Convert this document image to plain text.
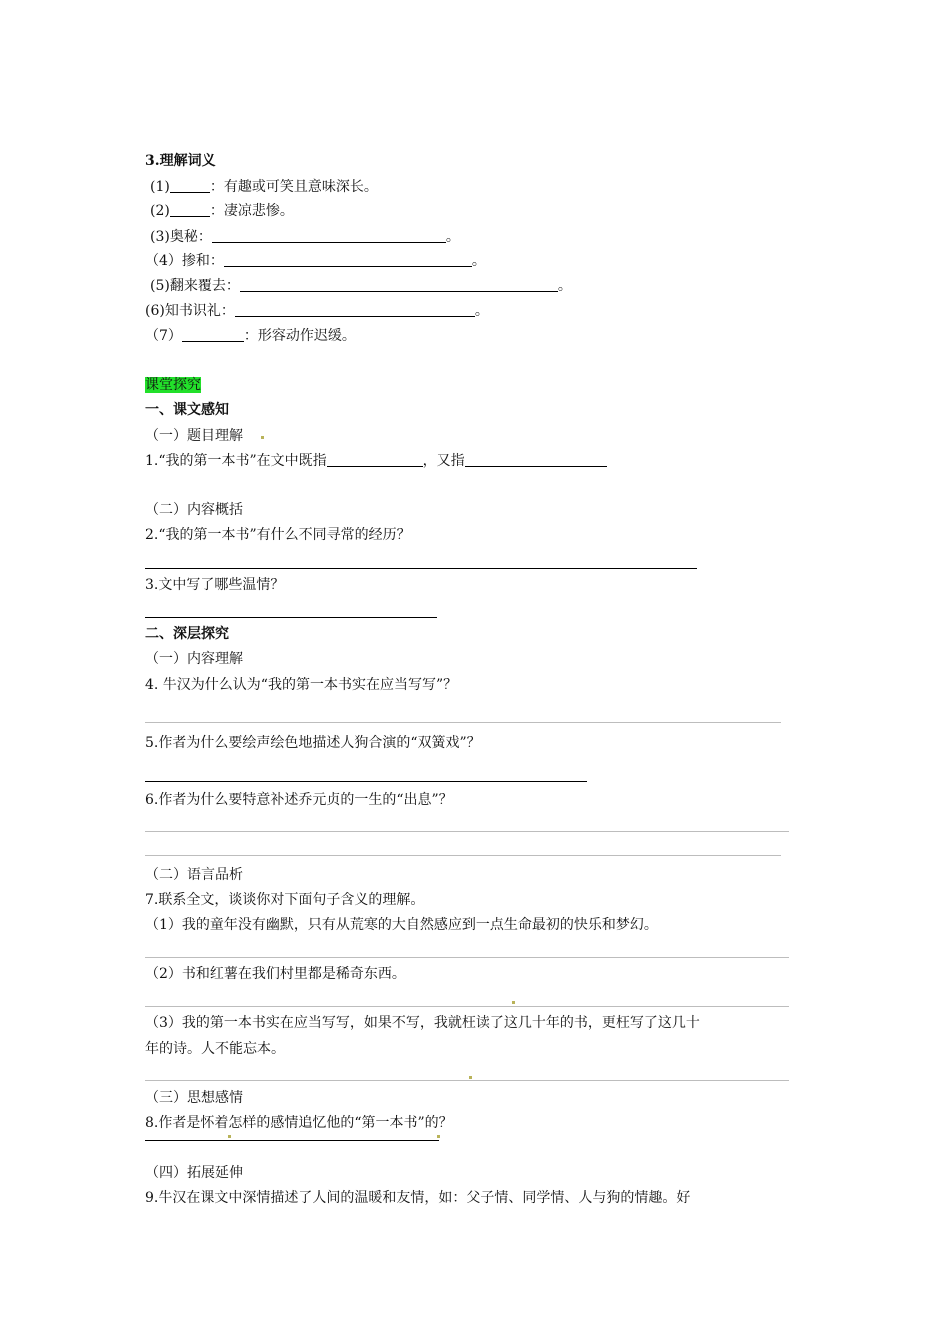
3.理解词义
(1)	：有趣或可笑且意味深长。
(2)	：凄凉悲惨。
(3)奥秘：	。
（4）掺和：	。
(5)翻来覆去：	。
(6)知书识礼：	。
（7）	：形容动作迟缓。
课堂探究
一、课文感知
（一）题目理解
1.“我的第一本书”在文中既指	，又指
（二）内容概括
2.“我的第一本书”有什么不同寻常的经历？
3.文中写了哪些温情？
二、深层探究
（一）内容理解
4. 牛汉为什么认为“我的第一本书实在应当写写”？
5.作者为什么要绘声绘色地描述人狗合演的“双簧戏”？
6.作者为什么要特意补述乔元贞的一生的“出息”？
（二）语言品析
7.联系全文，谈谈你对下面句子含义的理解。
（1）我的童年没有幽默，只有从荒寒的大自然感应到一点生命最初的快乐和梦幻。
（2）书和红薯在我们村里都是稀奇东西。
（3）我的第一本书实在应当写写，如果不写，我就枉读了这几十年的书，更枉写了这几十
年的诗。人不能忘本。
（三）思想感情
8.作者是怀着怎样的感情追忆他的“第一本书”的？
（四）拓展延伸
9.牛汉在课文中深情描述了人间的温暖和友情，如：父子情、同学情、人与狗的情趣。好
